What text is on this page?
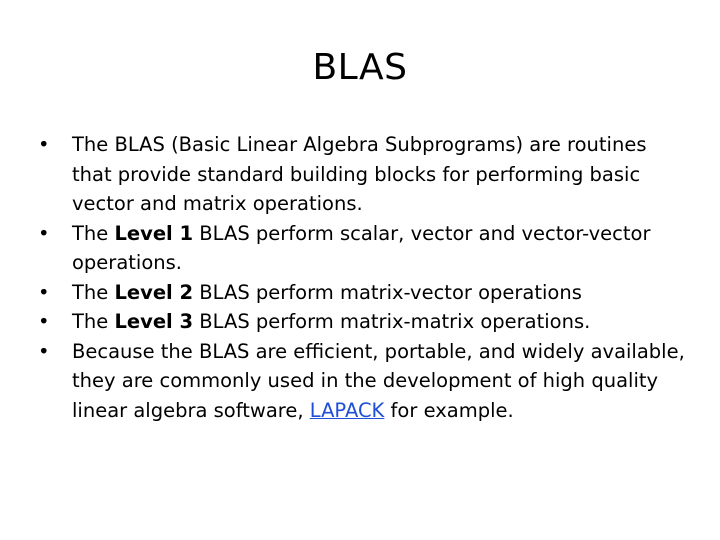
BLAS
•	The BLAS (Basic Linear Algebra Subprograms) are routines that provide standard building blocks for performing basic vector and matrix operations.
•	The Level 1 BLAS perform scalar, vector and vector-vector operations.
•	The Level 2 BLAS perform matrix-vector operations
•	The Level 3 BLAS perform matrix-matrix operations.
•	Because the BLAS are efficient, portable, and widely available, they are commonly used in the development of high quality linear algebra software, LAPACK for example.
